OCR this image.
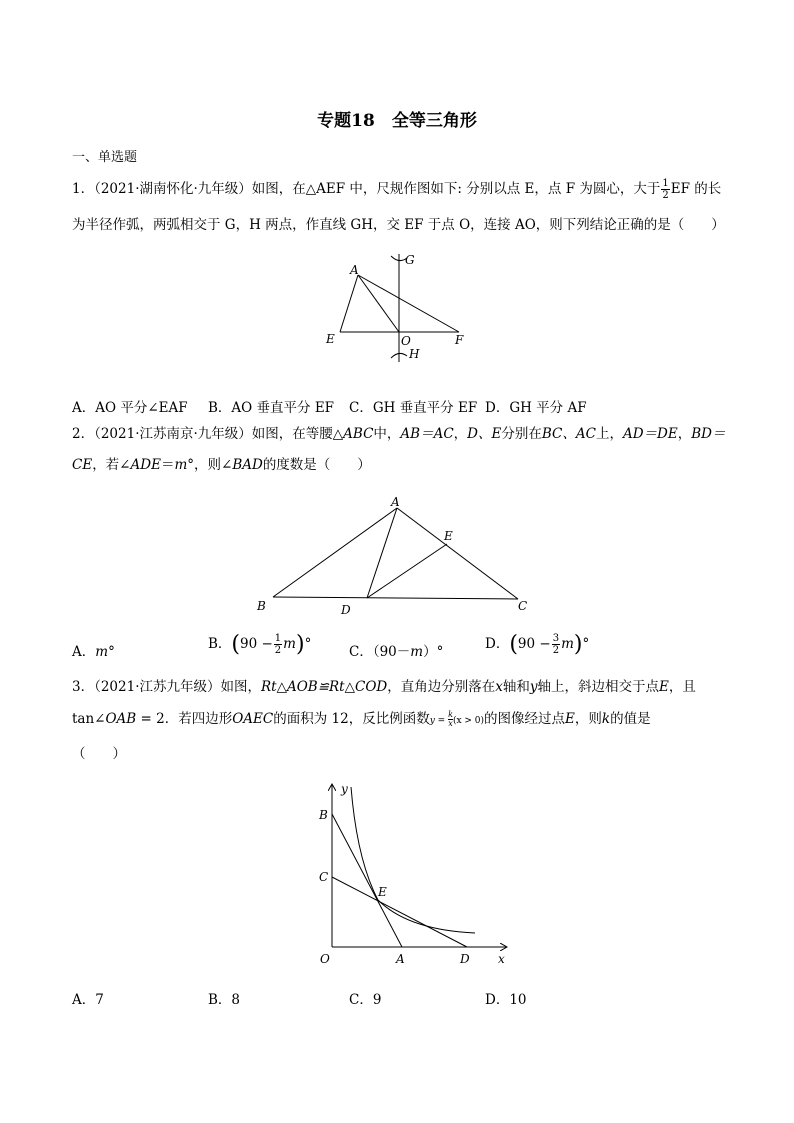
专题18　全等三角形
一、单选题
1．（2021·湖南怀化·九年级）如图，在△AEF 中，尺规作图如下: 分别以点 E，点 F 为圆心，大于 $\frac{1}{2}$ EF 的长
为半径作弧，两弧相交于 G，H 两点，作直线 GH，交 EF 于点 O，连接 AO，则下列结论正确的是（　　）
A
G
E	O	F
H
A．AO 平分∠EAF B．AO 垂直平分 EF C．GH 垂直平分 EF D．GH 平分 AF
2．（2021·江苏南京·九年级）如图，在等腰△ABC中，AB＝AC，D、E分别在BC、AC上，AD＝DE，BD＝
CE，若∠ADE＝m°，则∠BAD的度数是（　　）
A
E
B	D	C
A．m°	B．$(90 - \frac{1}{2} m)^\circ$	C．（90－m）°	D．$(90 - \frac{3}{2} m)^\circ$
3．（2021·江苏九年级）如图，Rt△AOB≌Rt△COD，直角边分别落在x轴和y轴上，斜边相交于点E，且
tan∠OAB = 2．若四边形OAEC的面积为 12，反比例函数$y = \frac{k}{x} (x > 0)$的图像经过点E，则k的值是
（　　）
y
B
C
E
O	A	D x
A．7	B．8	C．9	D．10
